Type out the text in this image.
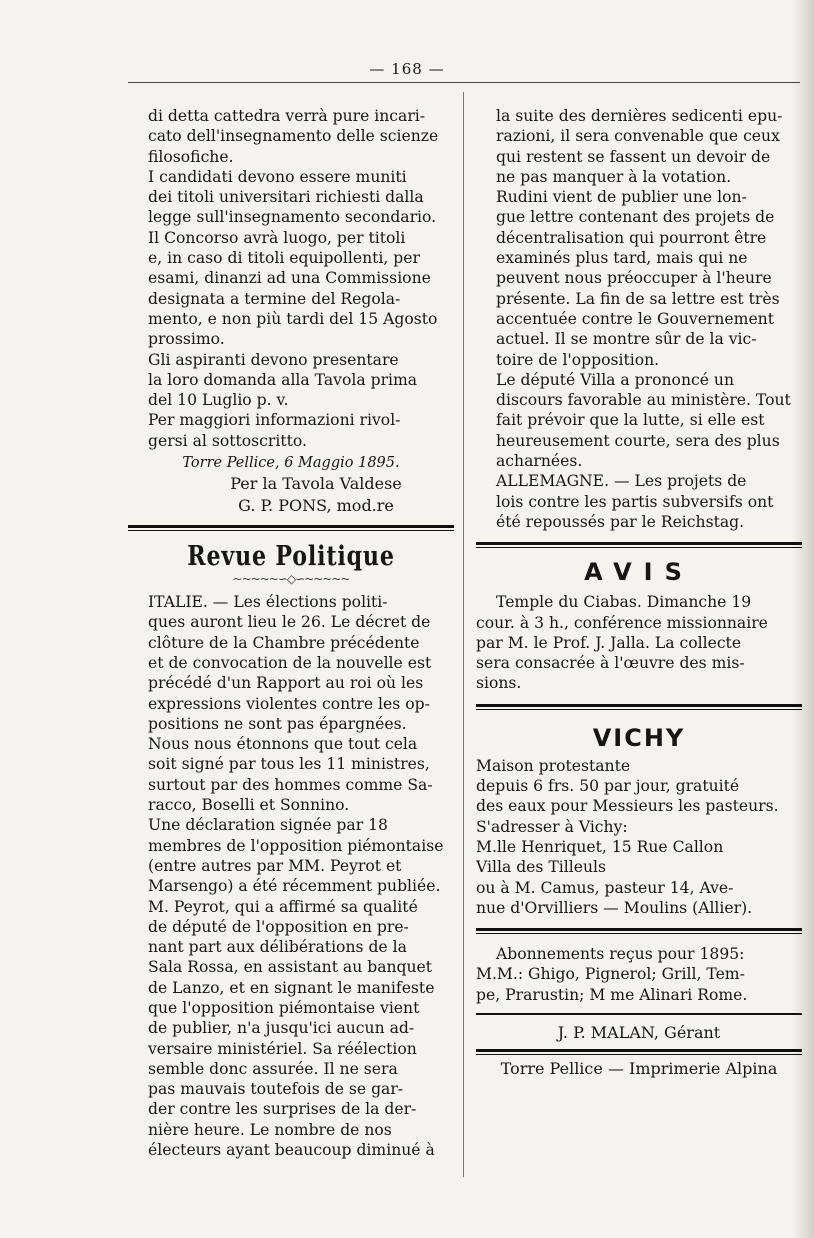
— 168 —

di detta cattedra verrà pure incari-
cato dell'insegnamento delle scienze
filosofiche.

I candidati devono essere muniti
dei titoli universitari richiesti dalla
legge sull'insegnamento secondario.

Il Concorso avrà luogo, per titoli
e, in caso di titoli equipollenti, per
esami, dinanzi ad una Commissione
designata a termine del Regola-
mento, e non più tardi del 15 Agosto
prossimo.

Gli aspiranti devono presentare
la loro domanda alla Tavola prima
del 10 Luglio p. v.

Per maggiori informazioni rivol-
gersi al sottoscritto.

Torre Pellice, 6 Maggio 1895.

Per la Tavola Valdese

G. P. PONS, mod.re

Revue Politique
~~~~~∽◇∽~~~~~

ITALIE. — Les élections politi-
ques auront lieu le 26. Le décret de
clôture de la Chambre précédente
et de convocation de la nouvelle est
précédé d'un Rapport au roi où les
expressions violentes contre les op-
positions ne sont pas épargnées.
Nous nous étonnons que tout cela
soit signé par tous les 11 ministres,
surtout par des hommes comme Sa-
racco, Boselli et Sonnino.

Une déclaration signée par 18
membres de l'opposition piémontaise
(entre autres par MM. Peyrot et
Marsengo) a été récemment publiée.

M. Peyrot, qui a affirmé sa qualité
de député de l'opposition en pre-
nant part aux délibérations de la
Sala Rossa, en assistant au banquet
de Lanzo, et en signant le manifeste
que l'opposition piémontaise vient
de publier, n'a jusqu'ici aucun ad-
versaire ministériel. Sa réélection
semble donc assurée. Il ne sera
pas mauvais toutefois de se gar-
der contre les surprises de la der-
nière heure. Le nombre de nos
électeurs ayant beaucoup diminué à

la suite des dernières sedicenti epu-
razioni, il sera convenable que ceux
qui restent se fassent un devoir de
ne pas manquer à la votation.

Rudini vient de publier une lon-
gue lettre contenant des projets de
décentralisation qui pourront être
examinés plus tard, mais qui ne
peuvent nous préoccuper à l'heure
présente. La fin de sa lettre est très
accentuée contre le Gouvernement
actuel. Il se montre sûr de la vic-
toire de l'opposition.

Le député Villa a prononcé un
discours favorable au ministère. Tout
fait prévoir que la lutte, si elle est
heureusement courte, sera des plus
acharnées.

ALLEMAGNE. — Les projets de
lois contre les partis subversifs ont
été repoussés par le Reichstag.

AVIS
Temple du Ciabas. Dimanche 19
cour. à 3 h., conférence missionnaire
par M. le Prof. J. Jalla. La collecte
sera consacrée à l'œuvre des mis-
sions.
VICHY
Maison protestante
depuis 6 frs. 50 par jour, gratuité
des eaux pour Messieurs les pasteurs.
S'adresser à Vichy:
M.lle Henriquet, 15 Rue Callon
Villa des Tilleuls
ou à M. Camus, pasteur 14, Ave-
nue d'Orvilliers — Moulins (Allier).
Abonnements reçus pour 1895:
M.M.: Ghigo, Pignerol; Grill, Tem-
pe, Prarustin; M me Alinari Rome.

J. P. MALAN, Gérant

Torre Pellice — Imprimerie Alpina
